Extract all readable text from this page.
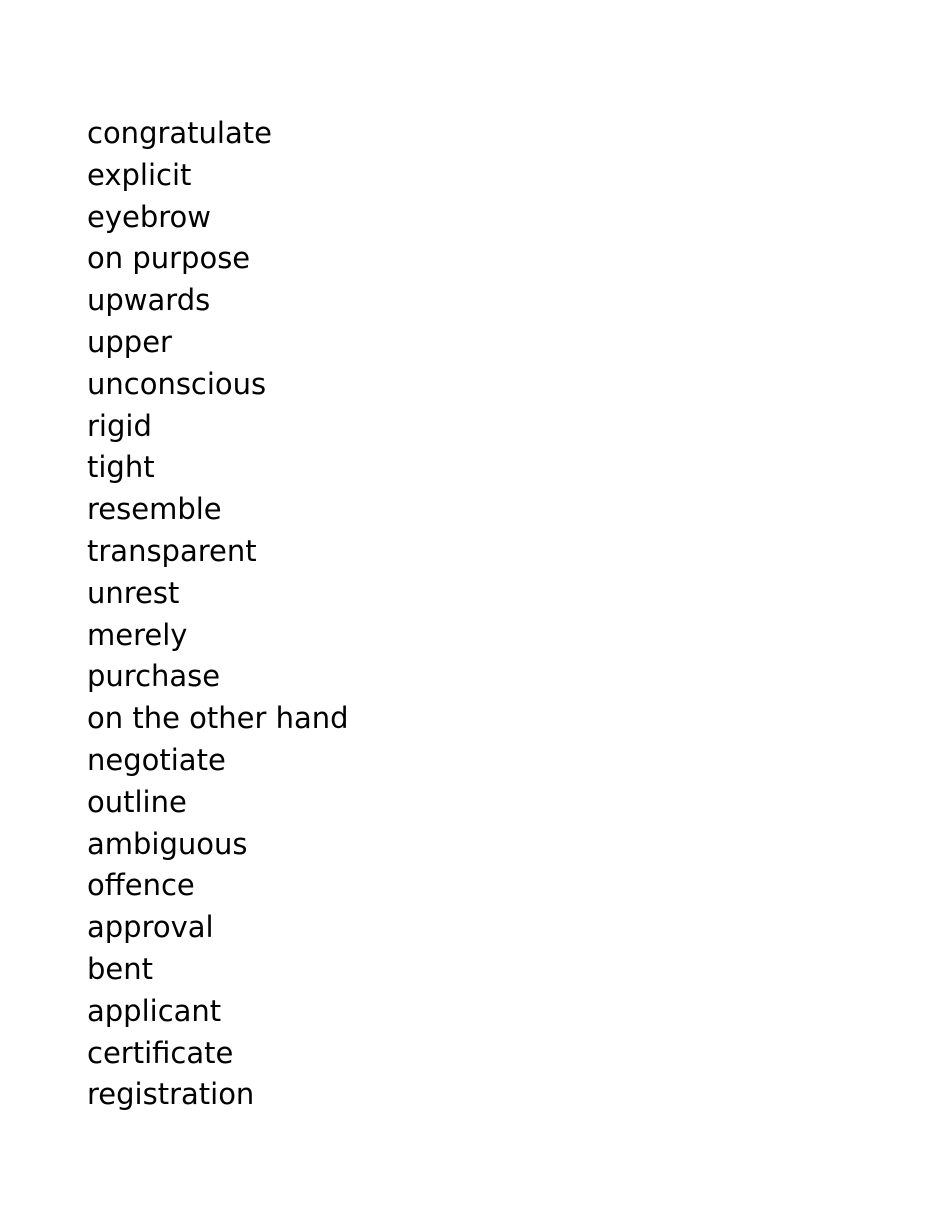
congratulate
explicit
eyebrow
on purpose
upwards
upper
unconscious
rigid
tight
resemble
transparent
unrest
merely
purchase
on the other hand
negotiate
outline
ambiguous
offence
approval
bent
applicant
certificate
registration
